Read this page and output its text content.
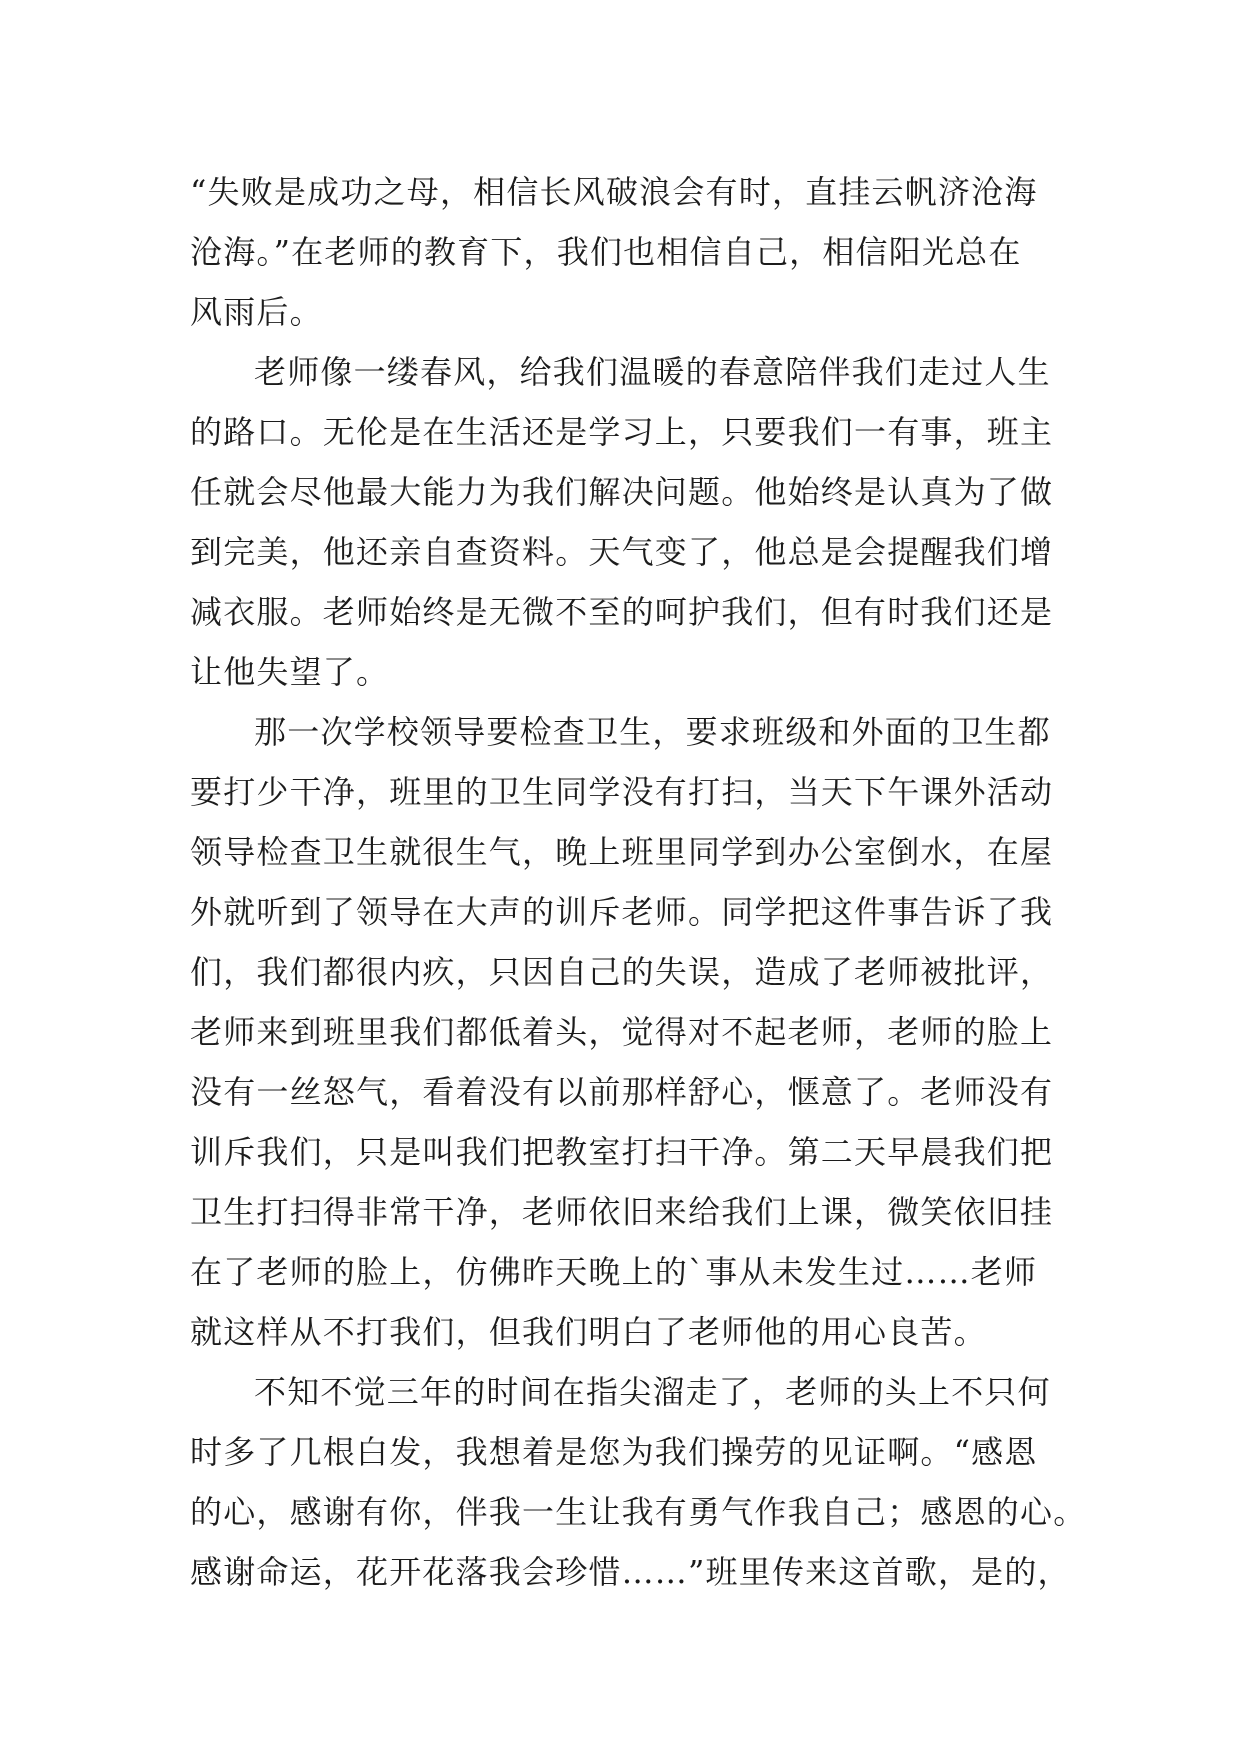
“失败是成功之母，相信长风破浪会有时，直挂云帆济沧海
沧海。”在老师的教育下，我们也相信自己，相信阳光总在
风雨后。
老师像一缕春风，给我们温暖的春意陪伴我们走过人生
的路口。无伦是在生活还是学习上，只要我们一有事，班主
任就会尽他最大能力为我们解决问题。他始终是认真为了做
到完美，他还亲自查资料。天气变了，他总是会提醒我们增
减衣服。老师始终是无微不至的呵护我们，但有时我们还是
让他失望了。
那一次学校领导要检查卫生，要求班级和外面的卫生都
要打少干净，班里的卫生同学没有打扫，当天下午课外活动
领导检查卫生就很生气，晚上班里同学到办公室倒水，在屋
外就听到了领导在大声的训斥老师。同学把这件事告诉了我
们，我们都很内疚，只因自己的失误，造成了老师被批评，
老师来到班里我们都低着头，觉得对不起老师，老师的脸上
没有一丝怒气，看着没有以前那样舒心，惬意了。老师没有
训斥我们，只是叫我们把教室打扫干净。第二天早晨我们把
卫生打扫得非常干净，老师依旧来给我们上课，微笑依旧挂
在了老师的脸上，仿佛昨天晚上的`事从未发生过……老师
就这样从不打我们，但我们明白了老师他的用心良苦。
不知不觉三年的时间在指尖溜走了，老师的头上不只何
时多了几根白发，我想着是您为我们操劳的见证啊。“感恩
的心，感谢有你，伴我一生让我有勇气作我自己；感恩的心。
感谢命运，花开花落我会珍惜……”班里传来这首歌，是的，
